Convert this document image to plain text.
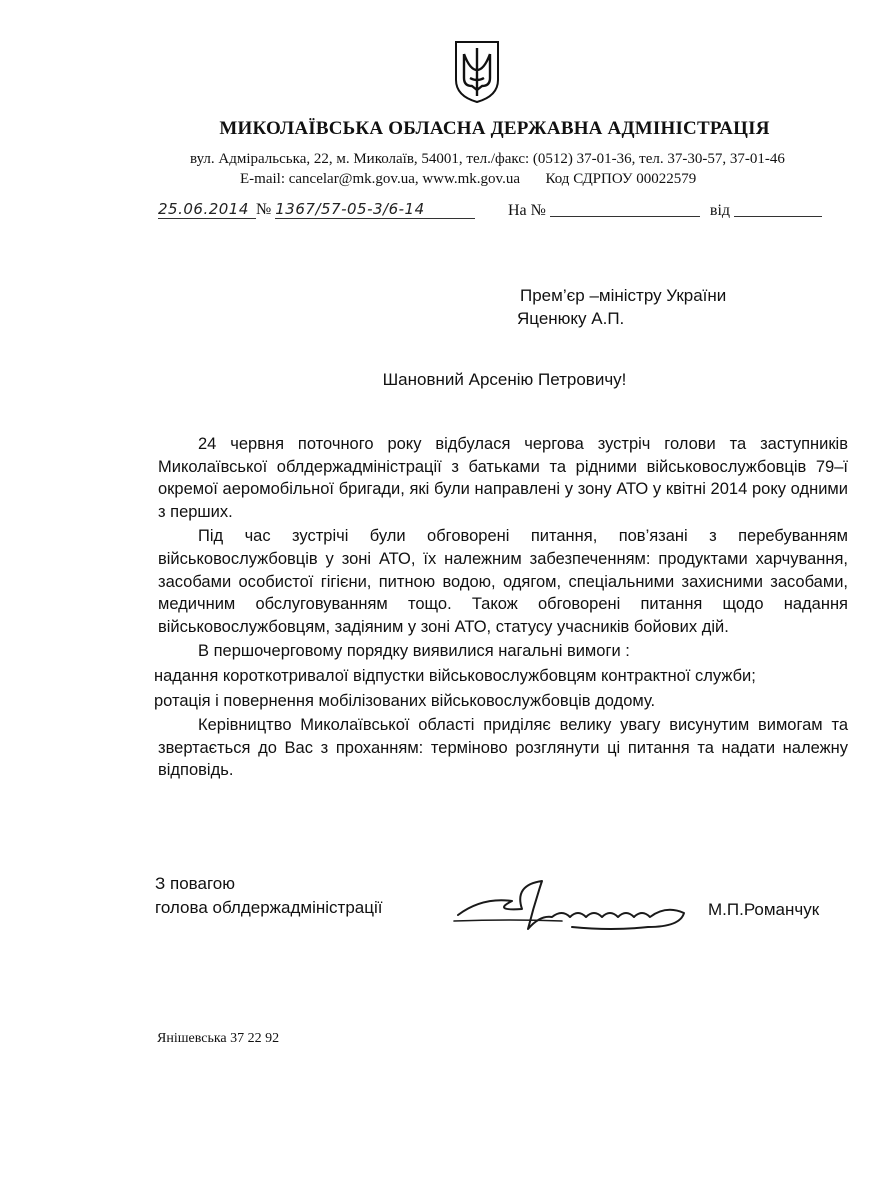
МИКОЛАЇВСЬКА ОБЛАСНА ДЕРЖАВНА АДМІНІСТРАЦІЯ
вул. Адміральська, 22, м. Миколаїв, 54001, тел./факс: (0512) 37-01-36, тел. 37-30-57, 37-01-46
E-mail: cancelar@mk.gov.ua, www.mk.gov.ua Код СДРПОУ 00022579
25.06.2014 № 1367/57-05-3/6-14	На №	від
Прем’єр –міністру України
Яценюку А.П.
Шановний Арсенію Петровичу!

24 червня поточного року відбулася чергова зустріч голови та заступників Миколаївської облдержадміністрації з батьками та рідними військовослужбовців 79–ї окремої аеромобільної бригади, які були направлені у зону АТО у квітні 2014 року одними з перших.

Під час зустрічі були обговорені питання, пов’язані з перебуванням військовослужбовців у зоні АТО, їх належним забезпеченням: продуктами харчування, засобами особистої гігієни, питною водою, одягом, спеціальними захисними засобами, медичним обслуговуванням тощо. Також обговорені питання щодо надання військовослужбовцям, задіяним у зоні АТО, статусу учасників бойових дій.

В першочерговому порядку виявилися нагальні вимоги :

надання короткотривалої відпустки військовослужбовцям контрактної служби;

ротація і повернення мобілізованих військовослужбовців додому.

Керівництво Миколаївської області приділяє велику увагу висунутим вимогам та звертається до Вас з проханням: терміново розглянути ці питання та надати належну відповідь.

З повагою
голова облдержадміністрації	М.П.Романчук
Янішевська 37 22 92
